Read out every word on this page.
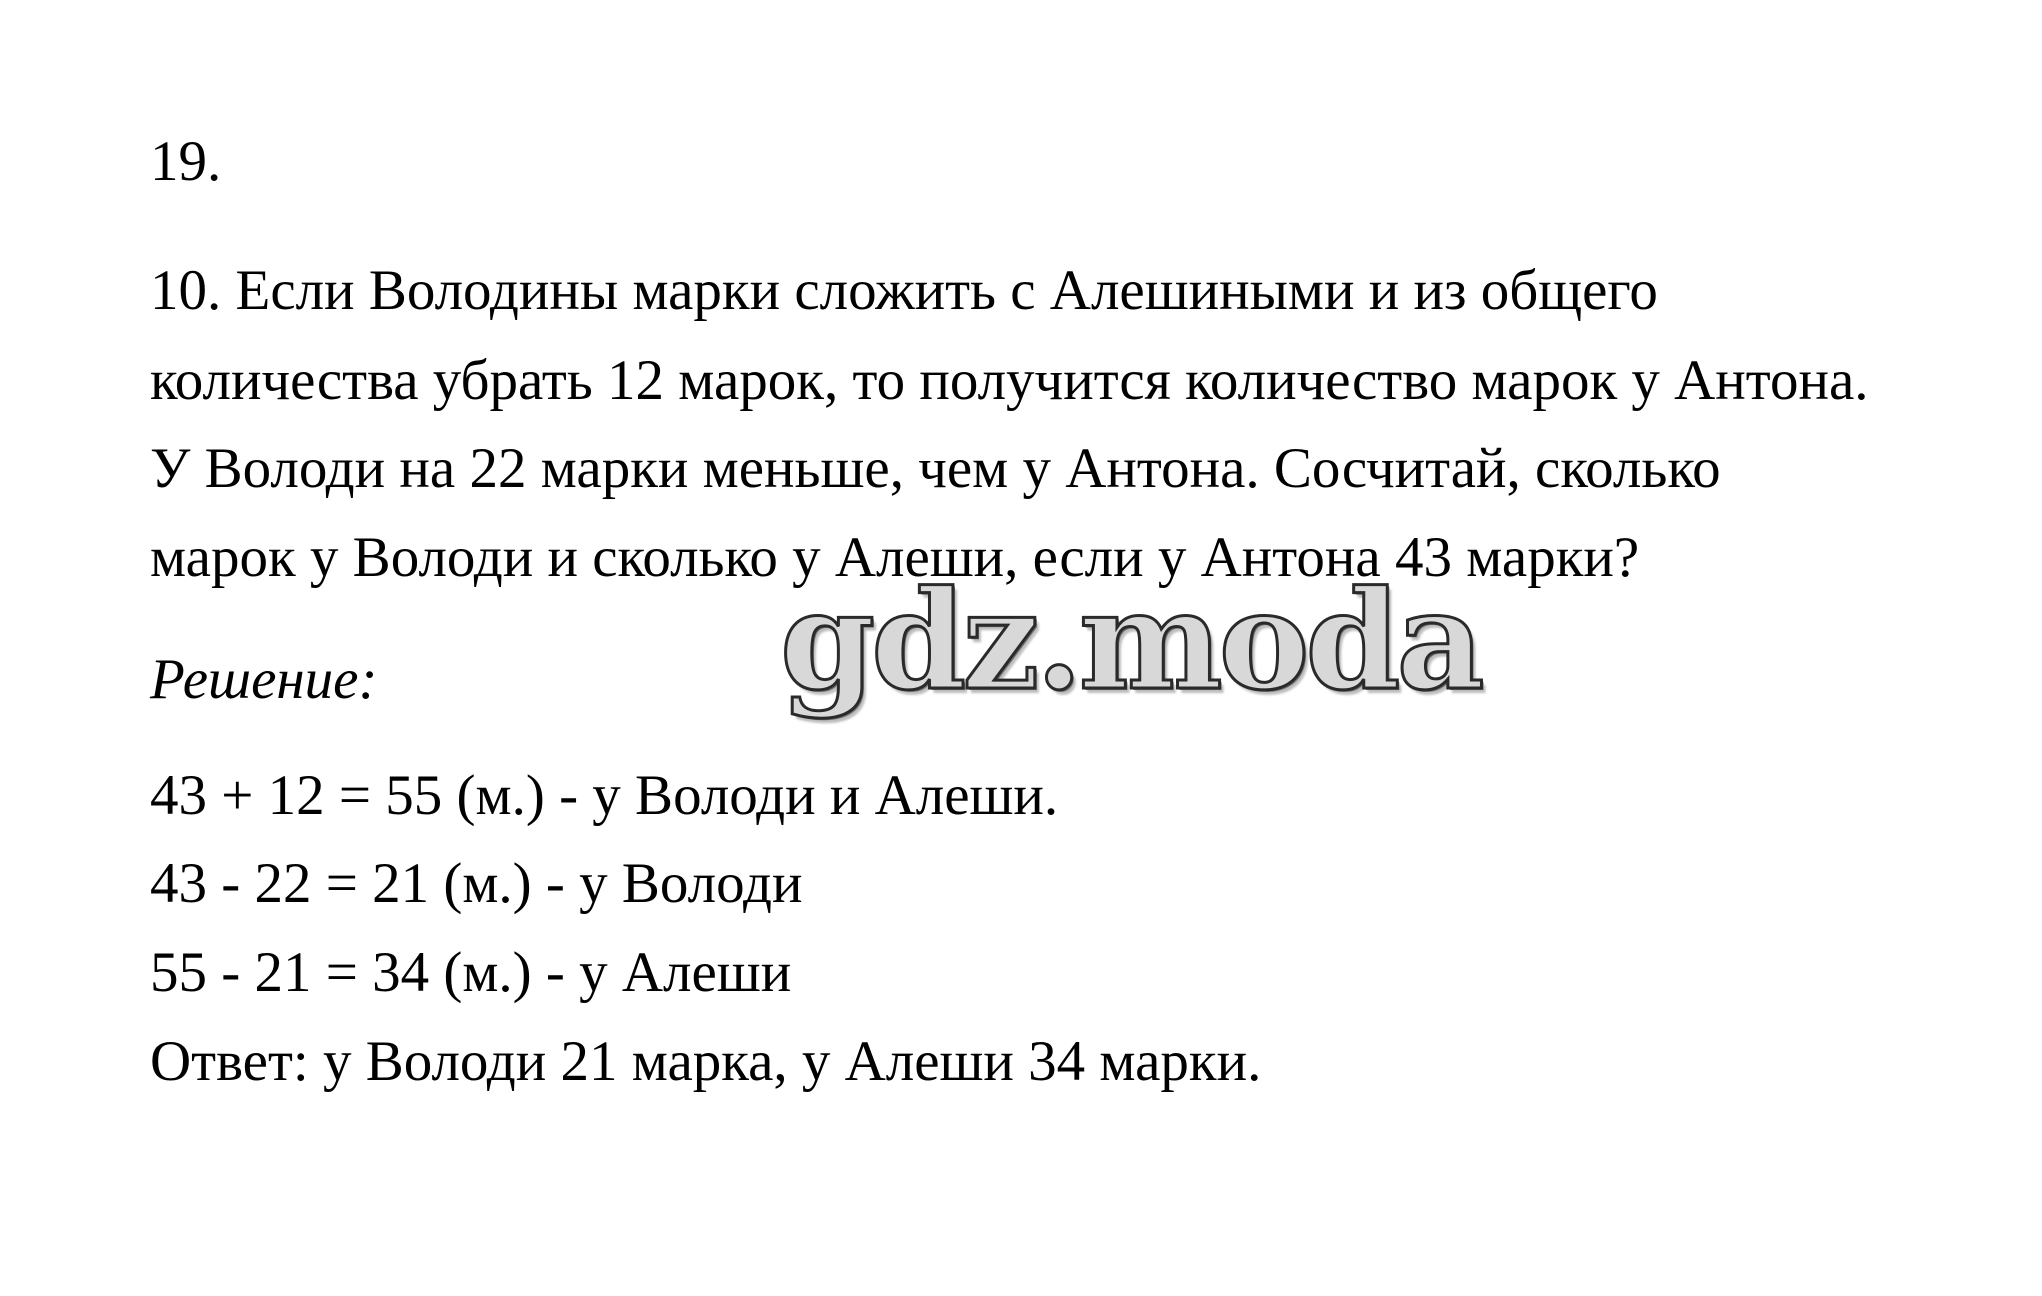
19.
10. Если Володины марки сложить с Алешиными и из общего
количества убрать 12 марок, то получится количество марок у Антона.
У Володи на 22 марки меньше, чем у Антона. Сосчитай, сколько
марок у Володи и сколько у Алеши, если у Антона 43 марки?
Решение:	gdz.moda
43 + 12 = 55 (м.) - у Володи и Алеши.
43 - 22 = 21 (м.) - у Володи
55 - 21 = 34 (м.) - у Алеши
Ответ: у Володи 21 марка, у Алеши 34 марки.
